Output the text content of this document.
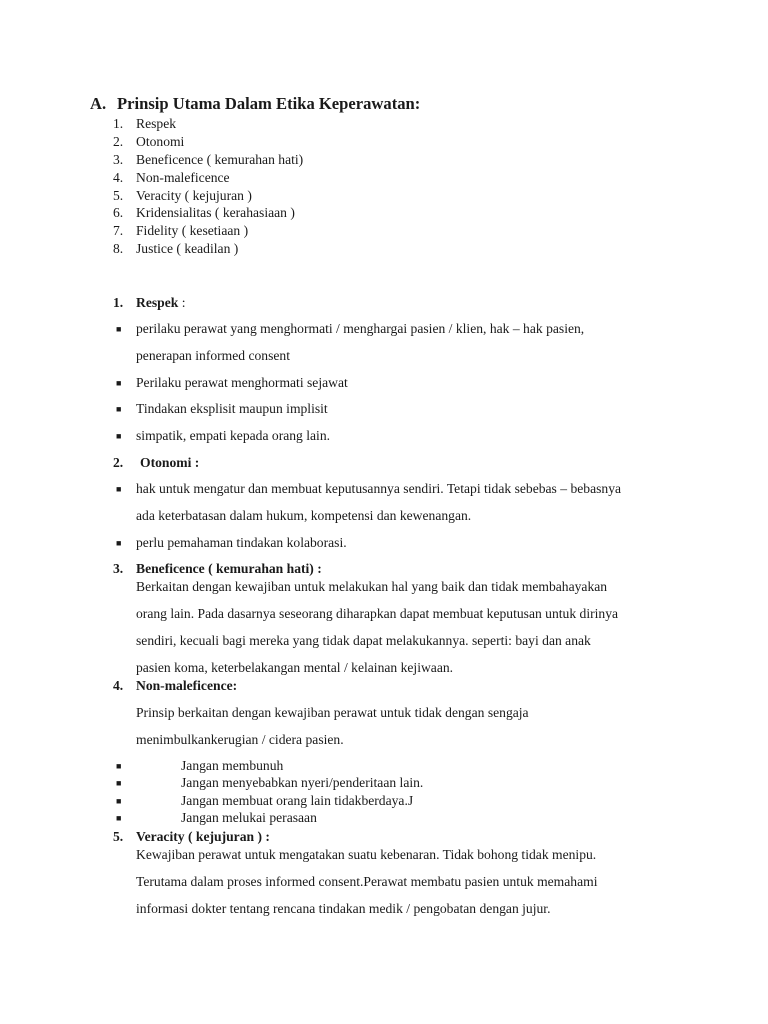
A. Prinsip Utama Dalam Etika Keperawatan:
1. Respek
2. Otonomi
3. Beneficence ( kemurahan hati)
4. Non-maleficence
5. Veracity ( kejujuran )
6. Kridensialitas ( kerahasiaan )
7. Fidelity ( kesetiaan )
8. Justice ( keadilan )
1. Respek :
■ perilaku perawat yang menghormati / menghargai pasien / klien, hak – hak pasien,
penerapan informed consent
■ Perilaku perawat menghormati sejawat
■ Tindakan eksplisit maupun implisit
■ simpatik, empati kepada orang lain.
2. Otonomi :
■ hak untuk mengatur dan membuat keputusannya sendiri. Tetapi tidak sebebas – bebasnya
ada keterbatasan dalam hukum, kompetensi dan kewenangan.
■ perlu pemahaman tindakan kolaborasi.
3. Beneficence ( kemurahan hati) :
Berkaitan dengan kewajiban untuk melakukan hal yang baik dan tidak membahayakan
orang lain. Pada dasarnya seseorang diharapkan dapat membuat keputusan untuk dirinya
sendiri, kecuali bagi mereka yang tidak dapat melakukannya. seperti: bayi dan anak
pasien koma, keterbelakangan mental / kelainan kejiwaan.
4. Non-maleficence:
Prinsip berkaitan dengan kewajiban perawat untuk tidak dengan sengaja
menimbulkankerugian / cidera pasien.
■	Jangan membunuh
■	Jangan menyebabkan nyeri/penderitaan lain.
■	Jangan membuat orang lain tidakberdaya.J
■	Jangan melukai perasaan
5. Veracity ( kejujuran ) :
Kewajiban perawat untuk mengatakan suatu kebenaran. Tidak bohong tidak menipu.
Terutama dalam proses informed consent.Perawat membatu pasien untuk memahami
informasi dokter tentang rencana tindakan medik / pengobatan dengan jujur.
